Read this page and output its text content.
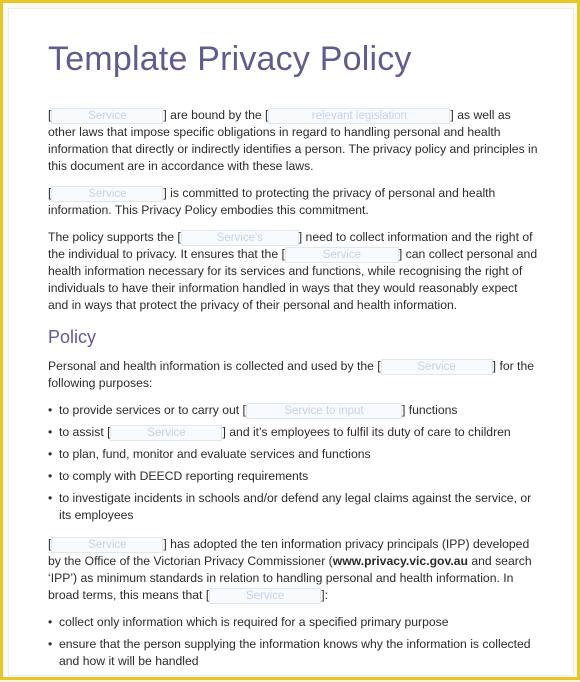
Template Privacy Policy

[	Service	] are bound by the [	relevant legislation	] as well as other laws that impose specific obligations in regard to handling personal and health information that directly or indirectly identifies a person. The privacy policy and principles in this document are in accordance with these laws.

[	Service	] is committed to protecting the privacy of personal and health information. This Privacy Policy embodies this commitment.

The policy supports the [	Service's	] need to collect information and the right of the individual to privacy. It ensures that the [	Service	] can collect personal and health information necessary for its services and functions, while recognising the right of individuals to have their information handled in ways that they would reasonably expect and in ways that protect the privacy of their personal and health information.

Policy

Personal and health information is collected and used by the [	Service	] for the following purposes:

• to provide services or to carry out [	Service to input	] functions
• to assist [	Service	] and it's employees to fulfil its duty of care to children
• to plan, fund, monitor and evaluate services and functions
• to comply with DEECD reporting requirements
• to investigate incidents in schools and/or defend any legal claims against the service, or its employees

[	Service	] has adopted the ten information privacy principals (IPP) developed by the Office of the Victorian Privacy Commissioner (www.privacy.vic.gov.au and search ‘IPP’) as minimum standards in relation to handling personal and health information. In broad terms, this means that [	Service	]:

• collect only information which is required for a specified primary purpose
• ensure that the person supplying the information knows why the information is collected and how it will be handled
